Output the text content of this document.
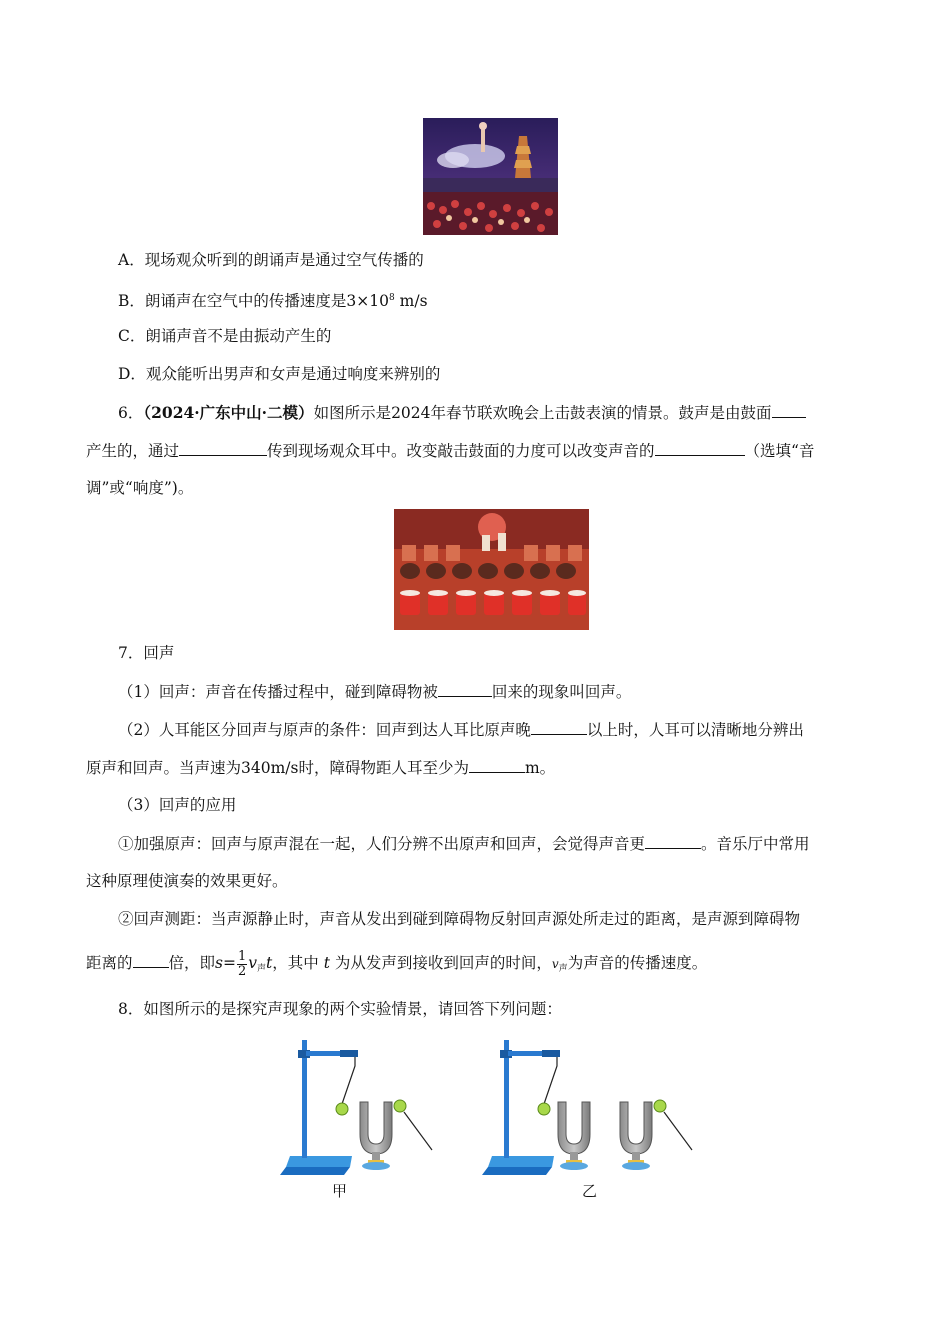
A．现场观众听到的朗诵声是通过空气传播的
B．朗诵声在空气中的传播速度是$3\times 10^8$ m/s
C．朗诵声音不是由振动产生的
D．观众能听出男声和女声是通过响度来辨别的
6．（2024·广东中山·二模）如图所示是2024年春节联欢晚会上击鼓表演的情景。鼓声是由鼓面
产生的，通过	传到现场观众耳中。改变敲击鼓面的力度可以改变声音的	（选填“音
调”或“响度”)。
7．回声
（1）回声：声音在传播过程中，碰到障碍物被	回来的现象叫回声。
（2）人耳能区分回声与原声的条件：回声到达人耳比原声晚	以上时，人耳可以清晰地分辨出
原声和回声。当声速为340m/s时，障碍物距人耳至少为	m。
（3）回声的应用
①加强原声：回声与原声混在一起，人们分辨不出原声和回声，会觉得声音更	。音乐厅中常用
这种原理使演奏的效果更好。
②回声测距：当声源静止时，声音从发出到碰到障碍物反射回声源处所走过的距离，是声源到障碍物
距离的 倍，即$s= \frac{1}{2} v_声t$，其中 t 为从发声到接收到回声的时间，$v_声$为声音的传播速度。
8．如图所示的是探究声现象的两个实验情景，请回答下列问题：
甲	乙
